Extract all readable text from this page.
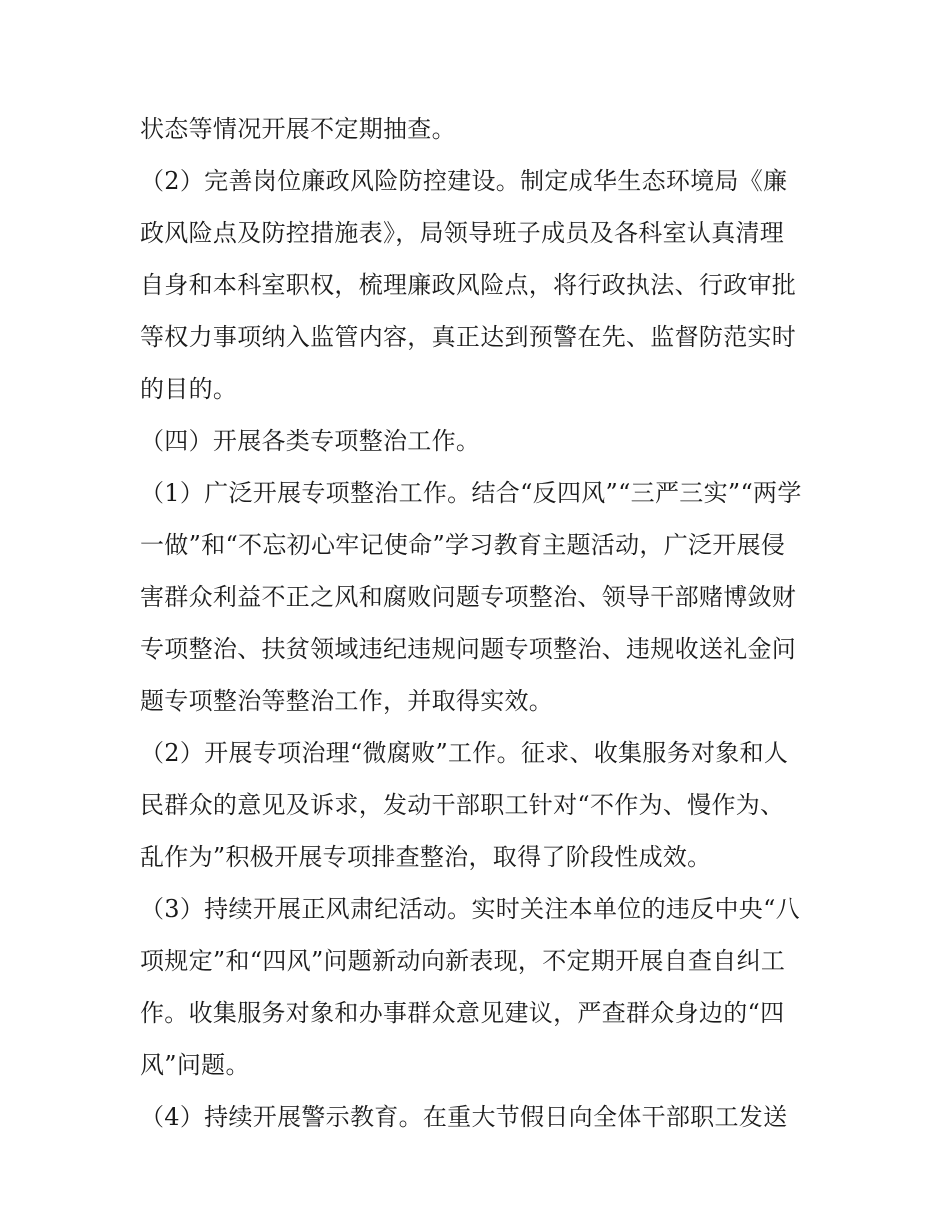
状态等情况开展不定期抽查。
（2）完善岗位廉政风险防控建设。制定成华生态环境局《廉
政风险点及防控措施表》，局领导班子成员及各科室认真清理
自身和本科室职权，梳理廉政风险点，将行政执法、行政审批
等权力事项纳入监管内容，真正达到预警在先、监督防范实时
的目的。
（四）开展各类专项整治工作。
（1）广泛开展专项整治工作。结合“反四风”“三严三实”“两学
一做”和“不忘初心牢记使命”学习教育主题活动，广泛开展侵
害群众利益不正之风和腐败问题专项整治、领导干部赌博敛财
专项整治、扶贫领域违纪违规问题专项整治、违规收送礼金问
题专项整治等整治工作，并取得实效。
（2）开展专项治理“微腐败”工作。征求、收集服务对象和人
民群众的意见及诉求，发动干部职工针对“不作为、慢作为、
乱作为”积极开展专项排查整治，取得了阶段性成效。
（3）持续开展正风肃纪活动。实时关注本单位的违反中央“八
项规定”和“四风”问题新动向新表现，不定期开展自查自纠工
作。收集服务对象和办事群众意见建议，严查群众身边的“四
风”问题。
（4）持续开展警示教育。在重大节假日向全体干部职工发送
